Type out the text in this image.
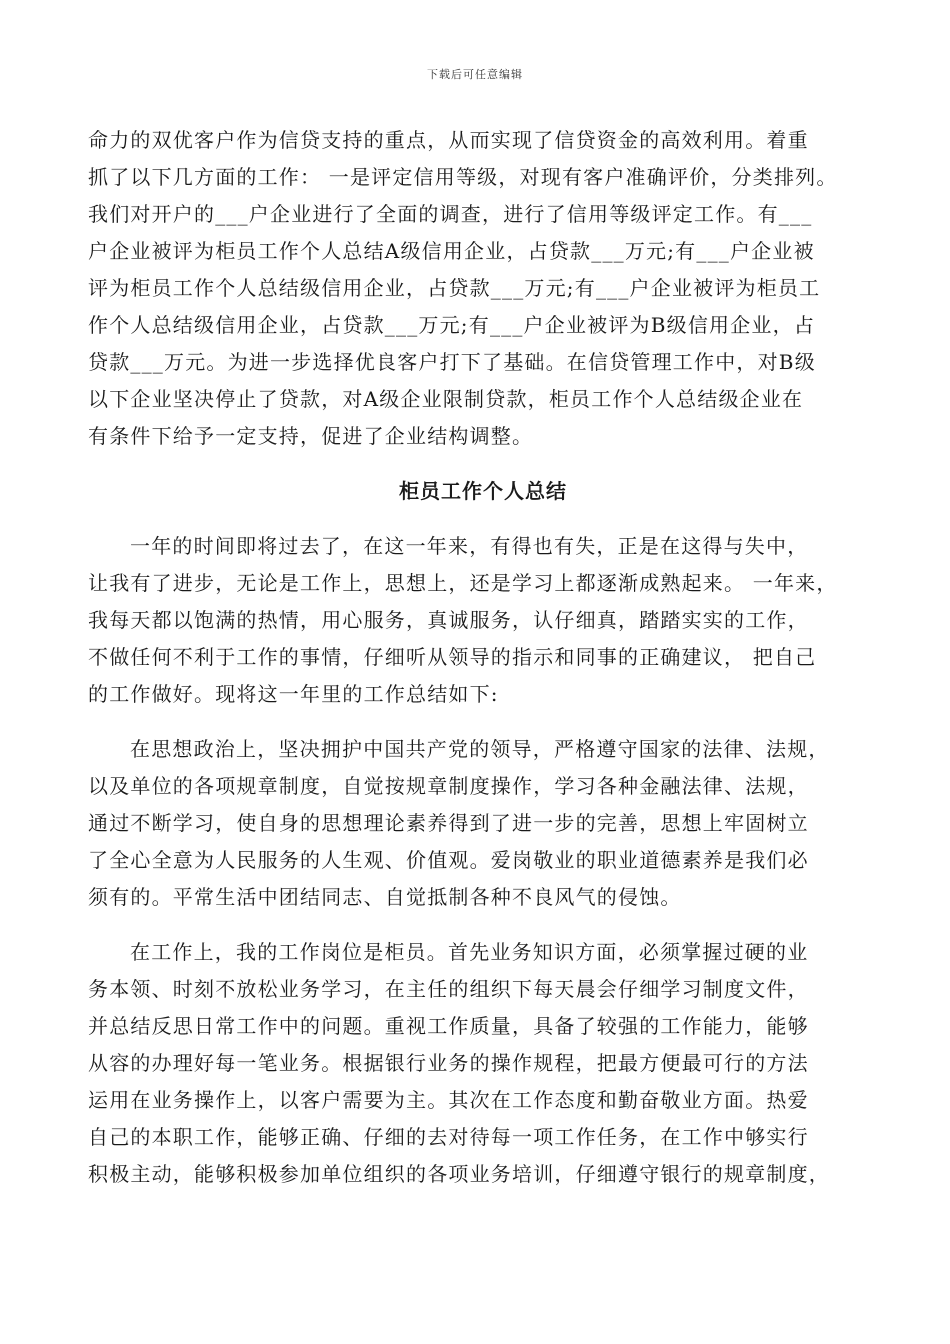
下载后可任意编辑
命力的双优客户作为信贷支持的重点，从而实现了信贷资金的高效利用。着重
抓了以下几方面的工作： 一是评定信用等级，对现有客户准确评价，分类排列。
我们对开户的___户企业进行了全面的调查，进行了信用等级评定工作。有___
户企业被评为柜员工作个人总结A级信用企业，占贷款___万元;有___户企业被
评为柜员工作个人总结级信用企业，占贷款___万元;有___户企业被评为柜员工
作个人总结级信用企业，占贷款___万元;有___户企业被评为B级信用企业，占
贷款___万元。为进一步选择优良客户打下了基础。在信贷管理工作中，对B级
以下企业坚决停止了贷款，对A级企业限制贷款，柜员工作个人总结级企业在
有条件下给予一定支持，促进了企业结构调整。
柜员工作个人总结
一年的时间即将过去了，在这一年来，有得也有失，正是在这得与失中，
让我有了进步，无论是工作上，思想上，还是学习上都逐渐成熟起来。 一年来，
我每天都以饱满的热情，用心服务，真诚服务，认仔细真，踏踏实实的工作，
不做任何不利于工作的事情，仔细听从领导的指示和同事的正确建议， 把自己
的工作做好。现将这一年里的工作总结如下:
在思想政治上，坚决拥护中国共产党的领导，严格遵守国家的法律、法规，
以及单位的各项规章制度，自觉按规章制度操作，学习各种金融法律、法规，
通过不断学习，使自身的思想理论素养得到了进一步的完善，思想上牢固树立
了全心全意为人民服务的人生观、价值观。爱岗敬业的职业道德素养是我们必
须有的。平常生活中团结同志、自觉抵制各种不良风气的侵蚀。
在工作上，我的工作岗位是柜员。首先业务知识方面，必须掌握过硬的业
务本领、时刻不放松业务学习，在主任的组织下每天晨会仔细学习制度文件，
并总结反思日常工作中的问题。重视工作质量，具备了较强的工作能力，能够
从容的办理好每一笔业务。根据银行业务的操作规程，把最方便最可行的方法
运用在业务操作上，以客户需要为主。其次在工作态度和勤奋敬业方面。热爱
自己的本职工作，能够正确、仔细的去对待每一项工作任务，在工作中够实行
积极主动，能够积极参加单位组织的各项业务培训，仔细遵守银行的规章制度，
